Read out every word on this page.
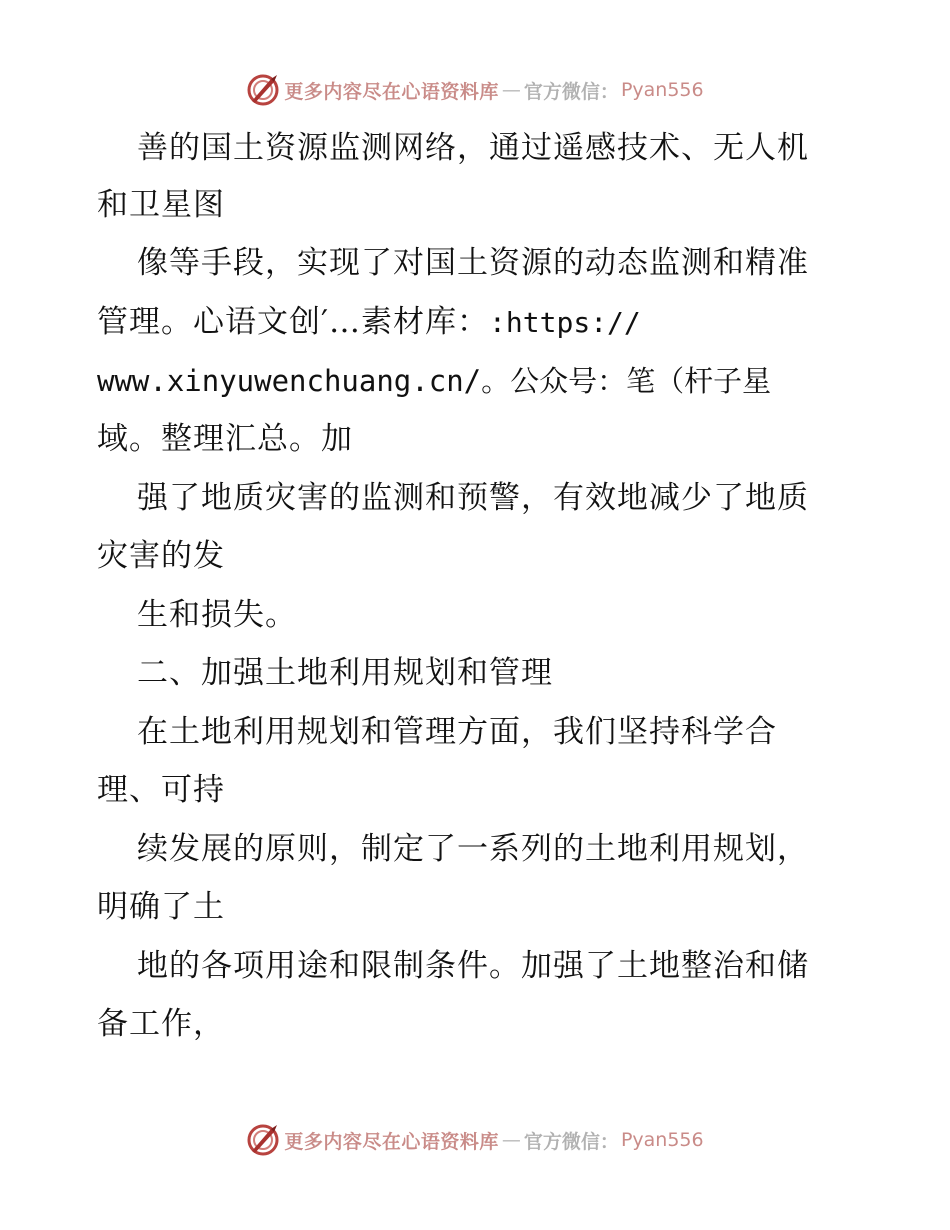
更多内容尽在心语资料库 — 官方微信： Pyan556

善的国土资源监测网络，通过遥感技术、无人机

和卫星图

像等手段，实现了对国土资源的动态监测和精准

管理。心语文创′…素材库：:https://

www.xinyuwenchuang.cn/。公众号：笔（杆子星

域。整理汇总。加

强了地质灾害的监测和预警，有效地减少了地质

灾害的发

生和损失。

二、加强土地利用规划和管理

在土地利用规划和管理方面，我们坚持科学合

理、可持

续发展的原则，制定了一系列的土地利用规划，

明确了土

地的各项用途和限制条件。加强了土地整治和储

备工作，

更多内容尽在心语资料库 — 官方微信： Pyan556
